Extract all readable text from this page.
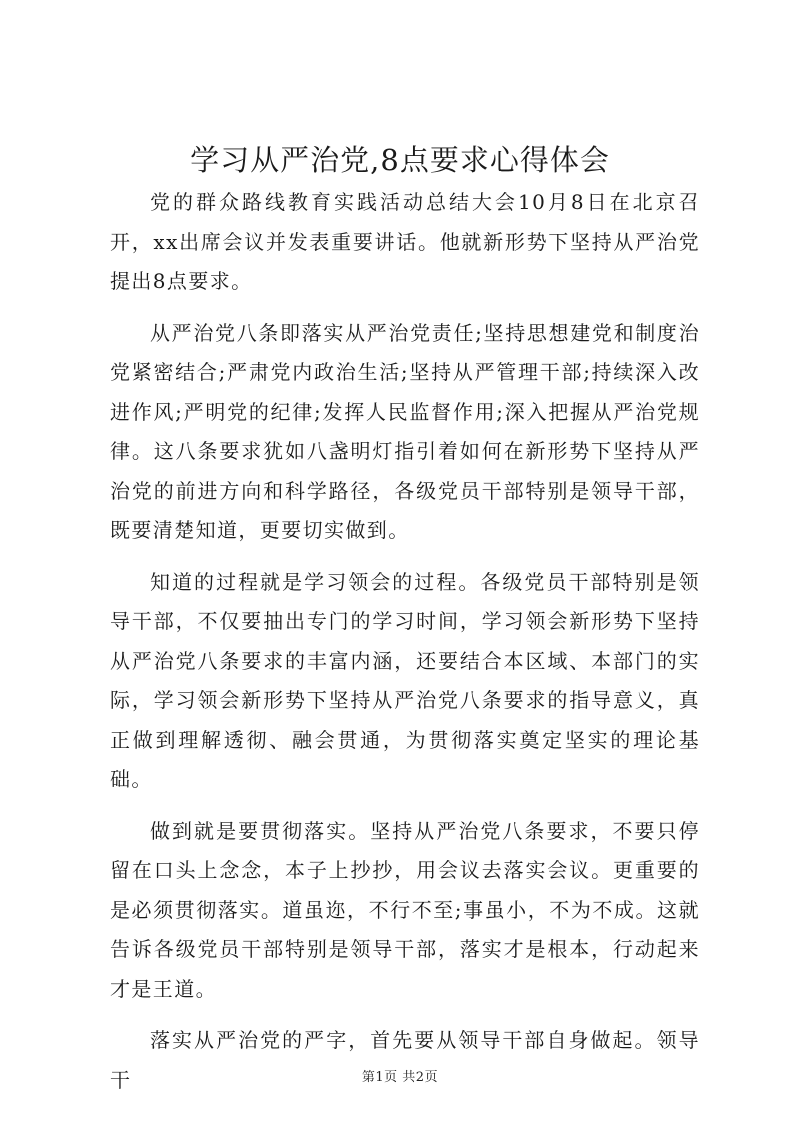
学习从严治党,8点要求心得体会

党的群众路线教育实践活动总结大会10月8日在北京召开，xx出席会议并发表重要讲话。他就新形势下坚持从严治党提出8点要求。

从严治党八条即落实从严治党责任;坚持思想建党和制度治党紧密结合;严肃党内政治生活;坚持从严管理干部;持续深入改进作风;严明党的纪律;发挥人民监督作用;深入把握从严治党规律。这八条要求犹如八盏明灯指引着如何在新形势下坚持从严治党的前进方向和科学路径，各级党员干部特别是领导干部，既要清楚知道，更要切实做到。

知道的过程就是学习领会的过程。各级党员干部特别是领导干部，不仅要抽出专门的学习时间，学习领会新形势下坚持从严治党八条要求的丰富内涵，还要结合本区域、本部门的实际，学习领会新形势下坚持从严治党八条要求的指导意义，真正做到理解透彻、融会贯通，为贯彻落实奠定坚实的理论基础。

做到就是要贯彻落实。坚持从严治党八条要求，不要只停留在口头上念念，本子上抄抄，用会议去落实会议。更重要的是必须贯彻落实。道虽迩，不行不至;事虽小，不为不成。这就告诉各级党员干部特别是领导干部，落实才是根本，行动起来才是王道。

落实从严治党的严字，首先要从领导干部自身做起。领导干	第1页 共2页
